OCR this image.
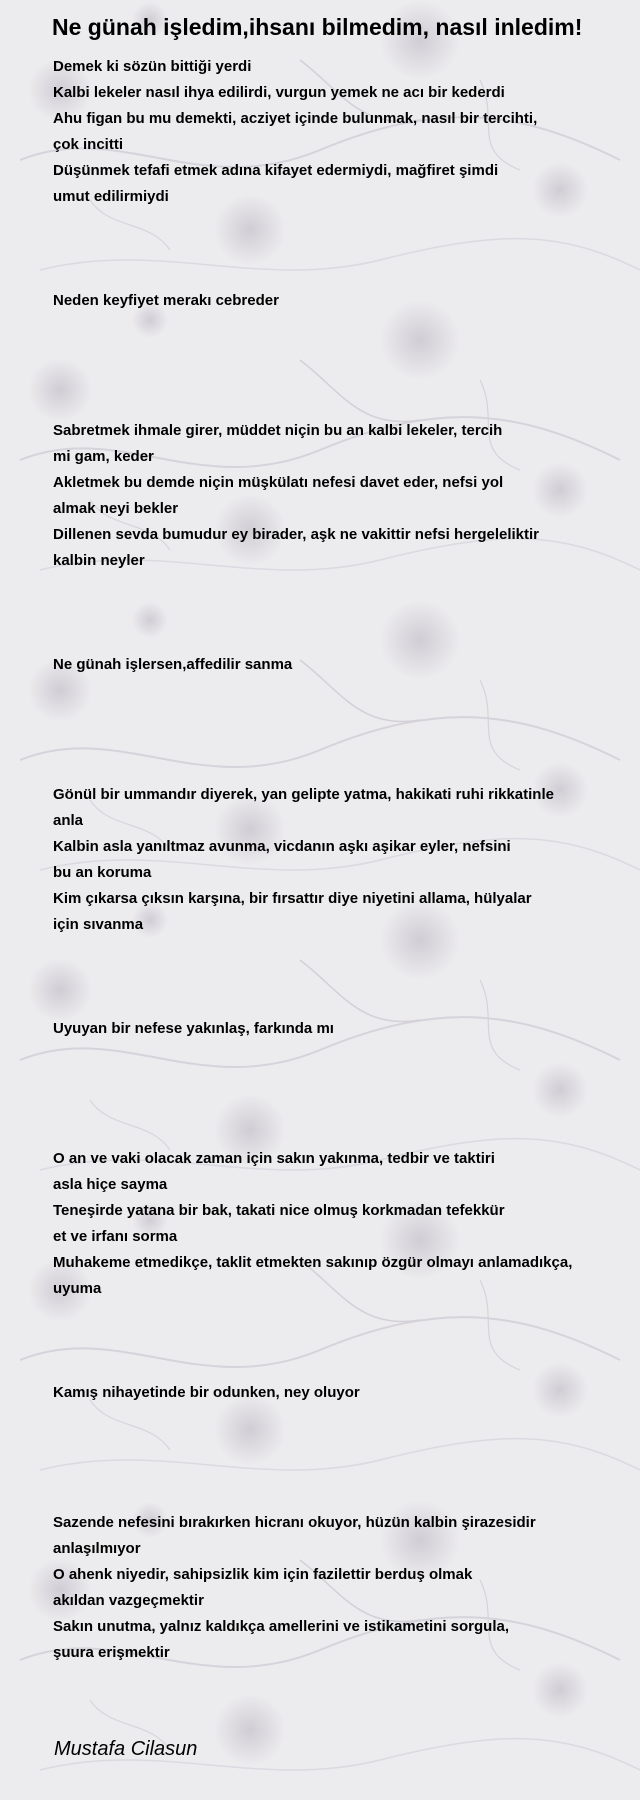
Ne günah işledim,ihsanı bilmedim, nasıl inledim!
Demek ki sözün bittiği yerdi
Kalbi lekeler nasıl ihya edilirdi, vurgun yemek ne acı bir kederdi
Ahu figan bu mu demekti, acziyet içinde bulunmak, nasıl bir tercihti,
çok incitti
Düşünmek tefafi etmek adına kifayet edermiydi, mağfiret şimdi
umut edilirmiydi
Neden keyfiyet merakı cebreder
Sabretmek ihmale girer, müddet niçin bu an kalbi lekeler, tercih
mi gam, keder
Akletmek bu demde niçin müşkülatı nefesi davet eder, nefsi yol
almak neyi bekler
Dillenen sevda bumudur ey birader, aşk ne vakittir nefsi hergeleliktir
kalbin neyler
Ne günah işlersen,affedilir sanma
Gönül bir ummandır diyerek, yan gelipte yatma, hakikati ruhi rikkatinle
anla
Kalbin asla yanıltmaz avunma, vicdanın aşkı aşikar eyler, nefsini
bu an koruma
Kim çıkarsa çıksın karşına, bir fırsattır diye niyetini allama, hülyalar
için sıvanma
Uyuyan bir nefese yakınlaş, farkında mı
O an ve vaki olacak zaman için sakın yakınma, tedbir ve taktiri
asla hiçe sayma
Teneşirde yatana bir bak, takati nice olmuş korkmadan tefekkür
et ve irfanı sorma
Muhakeme etmedikçe, taklit etmekten sakınıp özgür olmayı anlamadıkça,
uyuma
Kamış nihayetinde bir odunken, ney oluyor
Sazende nefesini bırakırken hicranı okuyor, hüzün kalbin şirazesidir
anlaşılmıyor
O ahenk niyedir, sahipsizlik kim için fazilettir berduş olmak
akıldan vazgeçmektir
Sakın unutma, yalnız kaldıkça amellerini ve istikametini sorgula,
şuura erişmektir

Mustafa Cilasun
